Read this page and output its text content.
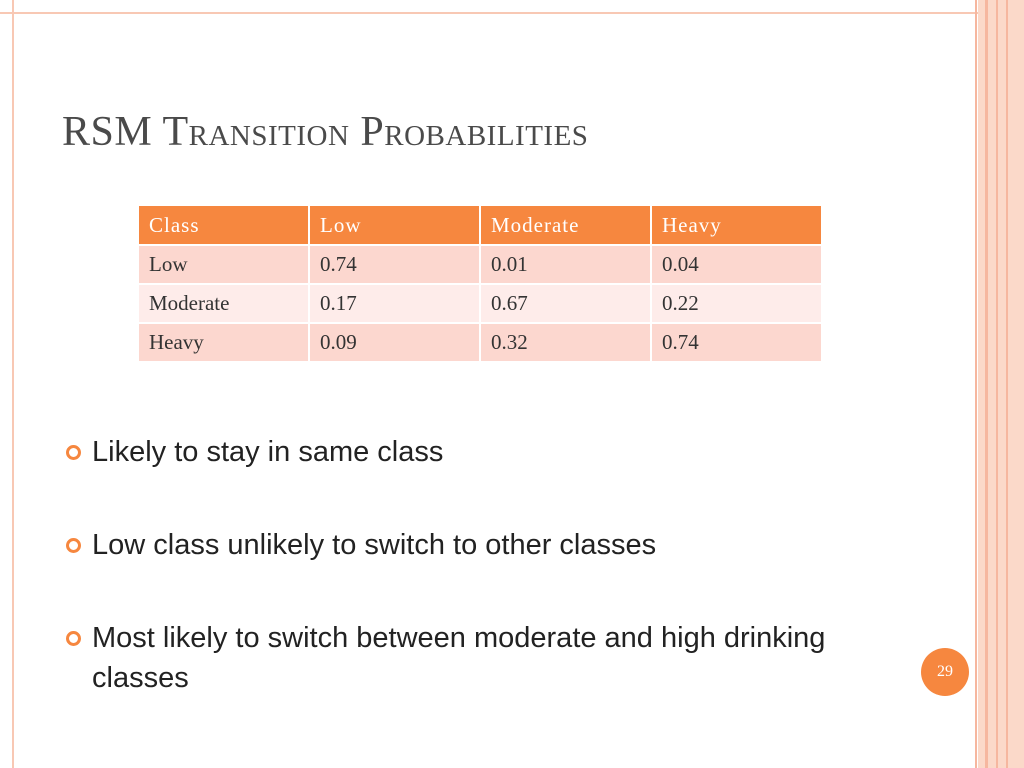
RSM Transition Probabilities
Class	Low	Moderate	Heavy
Low	0.74	0.01	0.04
Moderate	0.17	0.67	0.22
Heavy	0.09	0.32	0.74
Likely to stay in same class
Low class unlikely to switch to other classes
Most likely to switch between moderate and high drinking classes	29
